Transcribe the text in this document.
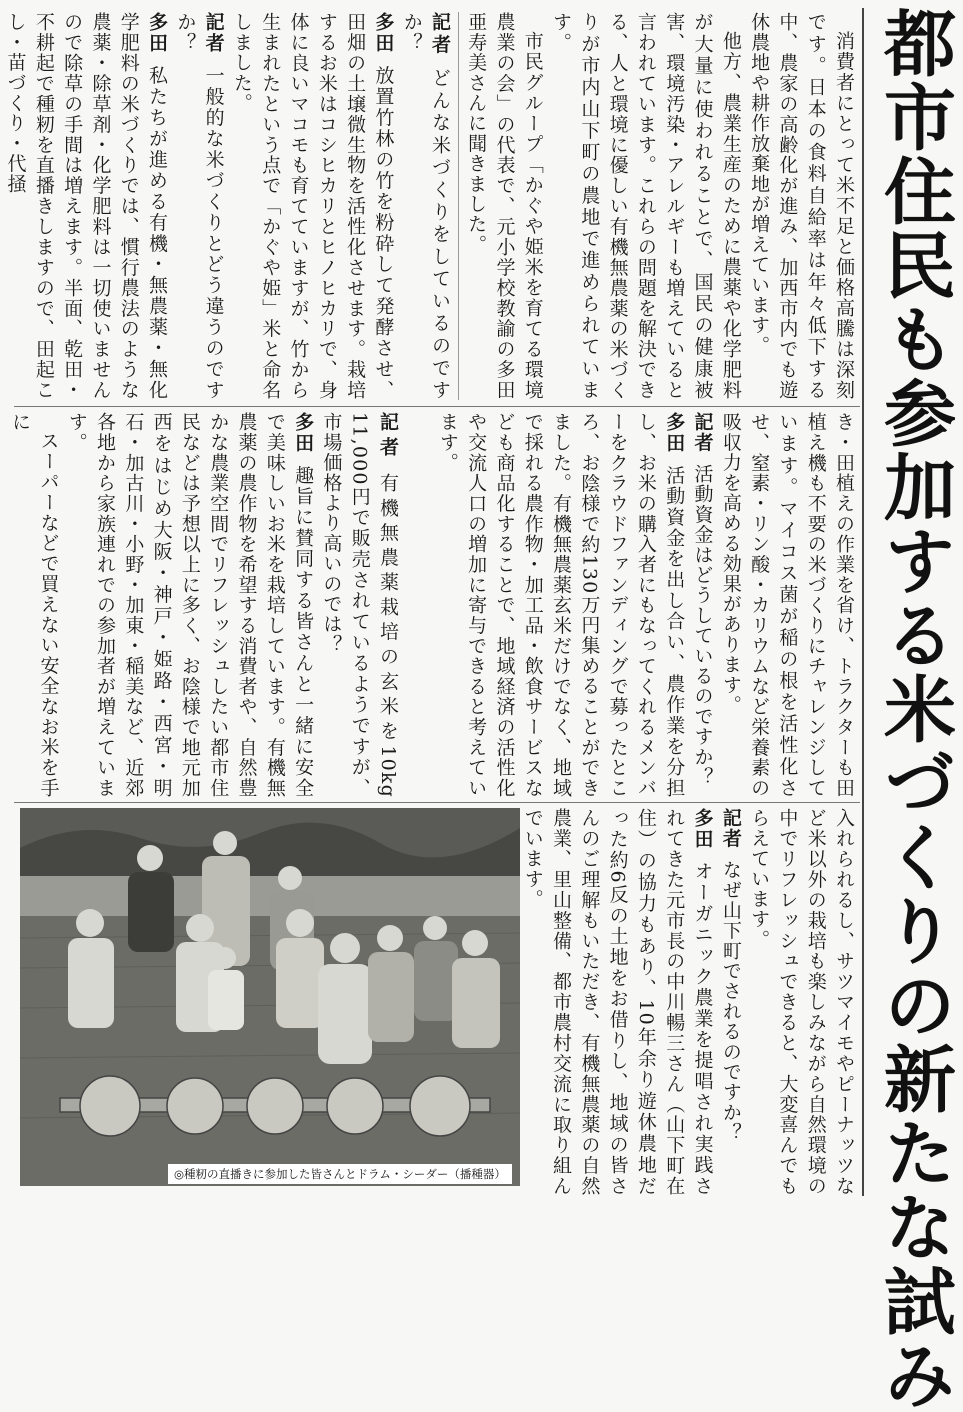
都市住民も参加する米づくりの新たな試み
消費者にとって米不足と価格高騰は深刻です。日本の食料自給率は年々低下する中、農家の高齢化が進み、加西市内でも遊休農地や耕作放棄地が増えています。
他方、農業生産のために農薬や化学肥料が大量に使われることで、国民の健康被害、環境汚染・アレルギーも増えていると言われています。これらの問題を解決できる、人と環境に優しい有機無農薬の米づくりが市内山下町の農地で進められています。
市民グループ「かぐや姫米を育てる環境農業の会」の代表で、元小学校教諭の多田亜寿美さんに聞きました。
記者どんな米づくりをしているのですか？
多田放置竹林の竹を粉砕して発酵させ、田畑の土壌微生物を活性化させます。栽培するお米はコシヒカリとヒノヒカリで、身体に良いマコモも育てていますが、竹から生まれたという点で「かぐや姫」米と命名しました。
記者一般的な米づくりとどう違うのですか？
多田私たちが進める有機・無農薬・無化学肥料の米づくりでは、慣行農法のような農薬・除草剤・化学肥料は一切使いませんので除草の手間は増えます。半面、乾田・不耕起で種籾を直播きしますので、田起こし・苗づくり・代掻
き・田植えの作業を省け、トラクターも田植え機も不要の米づくりにチャレンジしています。マイコス菌が稲の根を活性化させ、窒素・リン酸・カリウムなど栄養素の吸収力を高める効果があります。
記者活動資金はどうしているのですか？
多田活動資金を出し合い、農作業を分担し、お米の購入者にもなってくれるメンバーをクラウドファンディングで募ったところ、お陰様で約130万円集めることができました。有機無農薬玄米だけでなく、地域で採れる農作物・加工品・飲食サービスなども商品化することで、地域経済の活性化や交流人口の増加に寄与できると考えています。
記者有機無農薬栽培の玄米を10kg 11,000円で販売されているようですが、市場価格より高いのでは？
多田趣旨に賛同する皆さんと一緒に安全で美味しいお米を栽培しています。有機無農薬の農作物を希望する消費者や、自然豊かな農業空間でリフレッシュしたい都市住民などは予想以上に多く、お陰様で地元加西をはじめ大阪・神戸・姫路・西宮・明石・加古川・小野・加東・稲美など、近郊各地から家族連れでの参加者が増えています。
スーパーなどで買えない安全なお米を手に
入れられるし、サツマイモやピーナッツなど米以外の栽培も楽しみながら自然環境の中でリフレッシュできると、大変喜んでもらえています。
記者なぜ山下町でされるのですか？
多田オーガニック農業を提唱され実践されてきた元市長の中川暢三さん（山下町在住）の協力もあり、10年余り遊休農地だった約6反の土地をお借りし、地域の皆さんのご理解もいただき、有機無農薬の自然農業、里山整備、都市農村交流に取り組んでいます。
◎種籾の直播きに参加した皆さんとドラム・シーダー（播種器）
